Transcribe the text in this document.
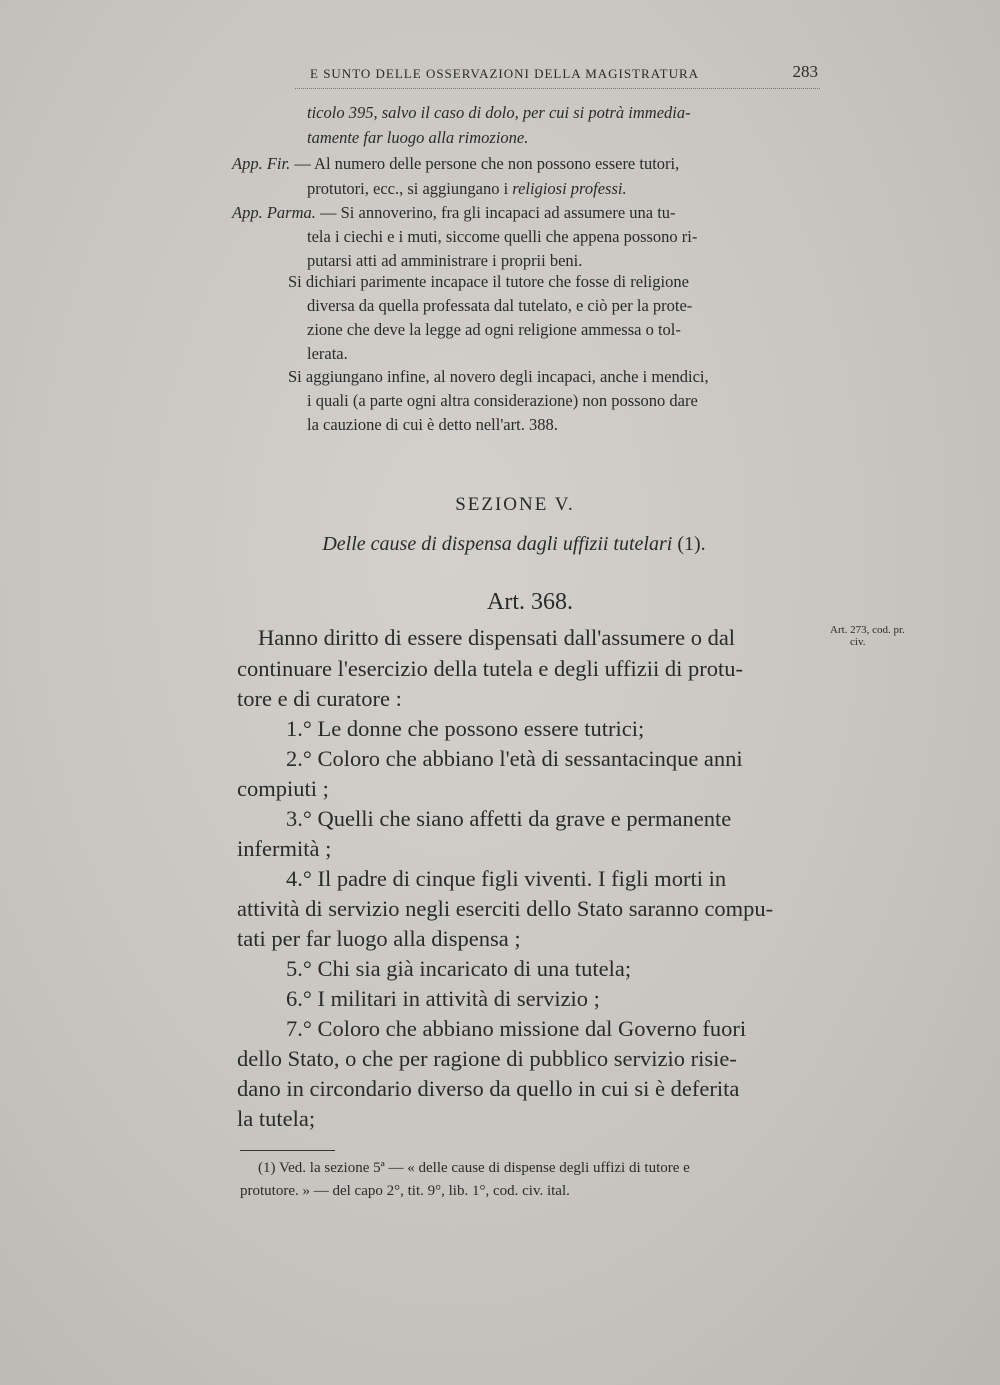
E SUNTO DELLE OSSERVAZIONI DELLA MAGISTRATURA	283
ticolo 395, salvo il caso di dolo, per cui si potrà immedia-
tamente far luogo alla rimozione.
App. Fir. — Al numero delle persone che non possono essere tutori,
protutori, ecc., si aggiungano i religiosi professi.
App. Parma. — Si annoverino, fra gli incapaci ad assumere una tu-
tela i ciechi e i muti, siccome quelli che appena possono ri-
putarsi atti ad amministrare i proprii beni.
Si dichiari parimente incapace il tutore che fosse di religione
diversa da quella professata dal tutelato, e ciò per la prote-
zione che deve la legge ad ogni religione ammessa o tol-
lerata.
Si aggiungano infine, al novero degli incapaci, anche i mendici,
i quali (a parte ogni altra considerazione) non possono dare
la cauzione di cui è detto nell'art. 388.
SEZIONE V.
Delle cause di dispensa dagli uffizii tutelari (1).
Art. 368.
Art. 273, cod. pr.
civ.
Hanno diritto di essere dispensati dall'assumere o dal
continuare l'esercizio della tutela e degli uffizii di protu-
tore e di curatore :
1.° Le donne che possono essere tutrici;
2.° Coloro che abbiano l'età di sessantacinque anni
compiuti ;
3.° Quelli che siano affetti da grave e permanente
infermità ;
4.° Il padre di cinque figli viventi. I figli morti in
attività di servizio negli eserciti dello Stato saranno compu-
tati per far luogo alla dispensa ;
5.° Chi sia già incaricato di una tutela;
6.° I militari in attività di servizio ;
7.° Coloro che abbiano missione dal Governo fuori
dello Stato, o che per ragione di pubblico servizio risie-
dano in circondario diverso da quello in cui si è deferita
la tutela;
(1) Ved. la sezione 5ª — « delle cause di dispense degli uffizi di tutore e
protutore. » — del capo 2°, tit. 9°, lib. 1°, cod. civ. ital.
